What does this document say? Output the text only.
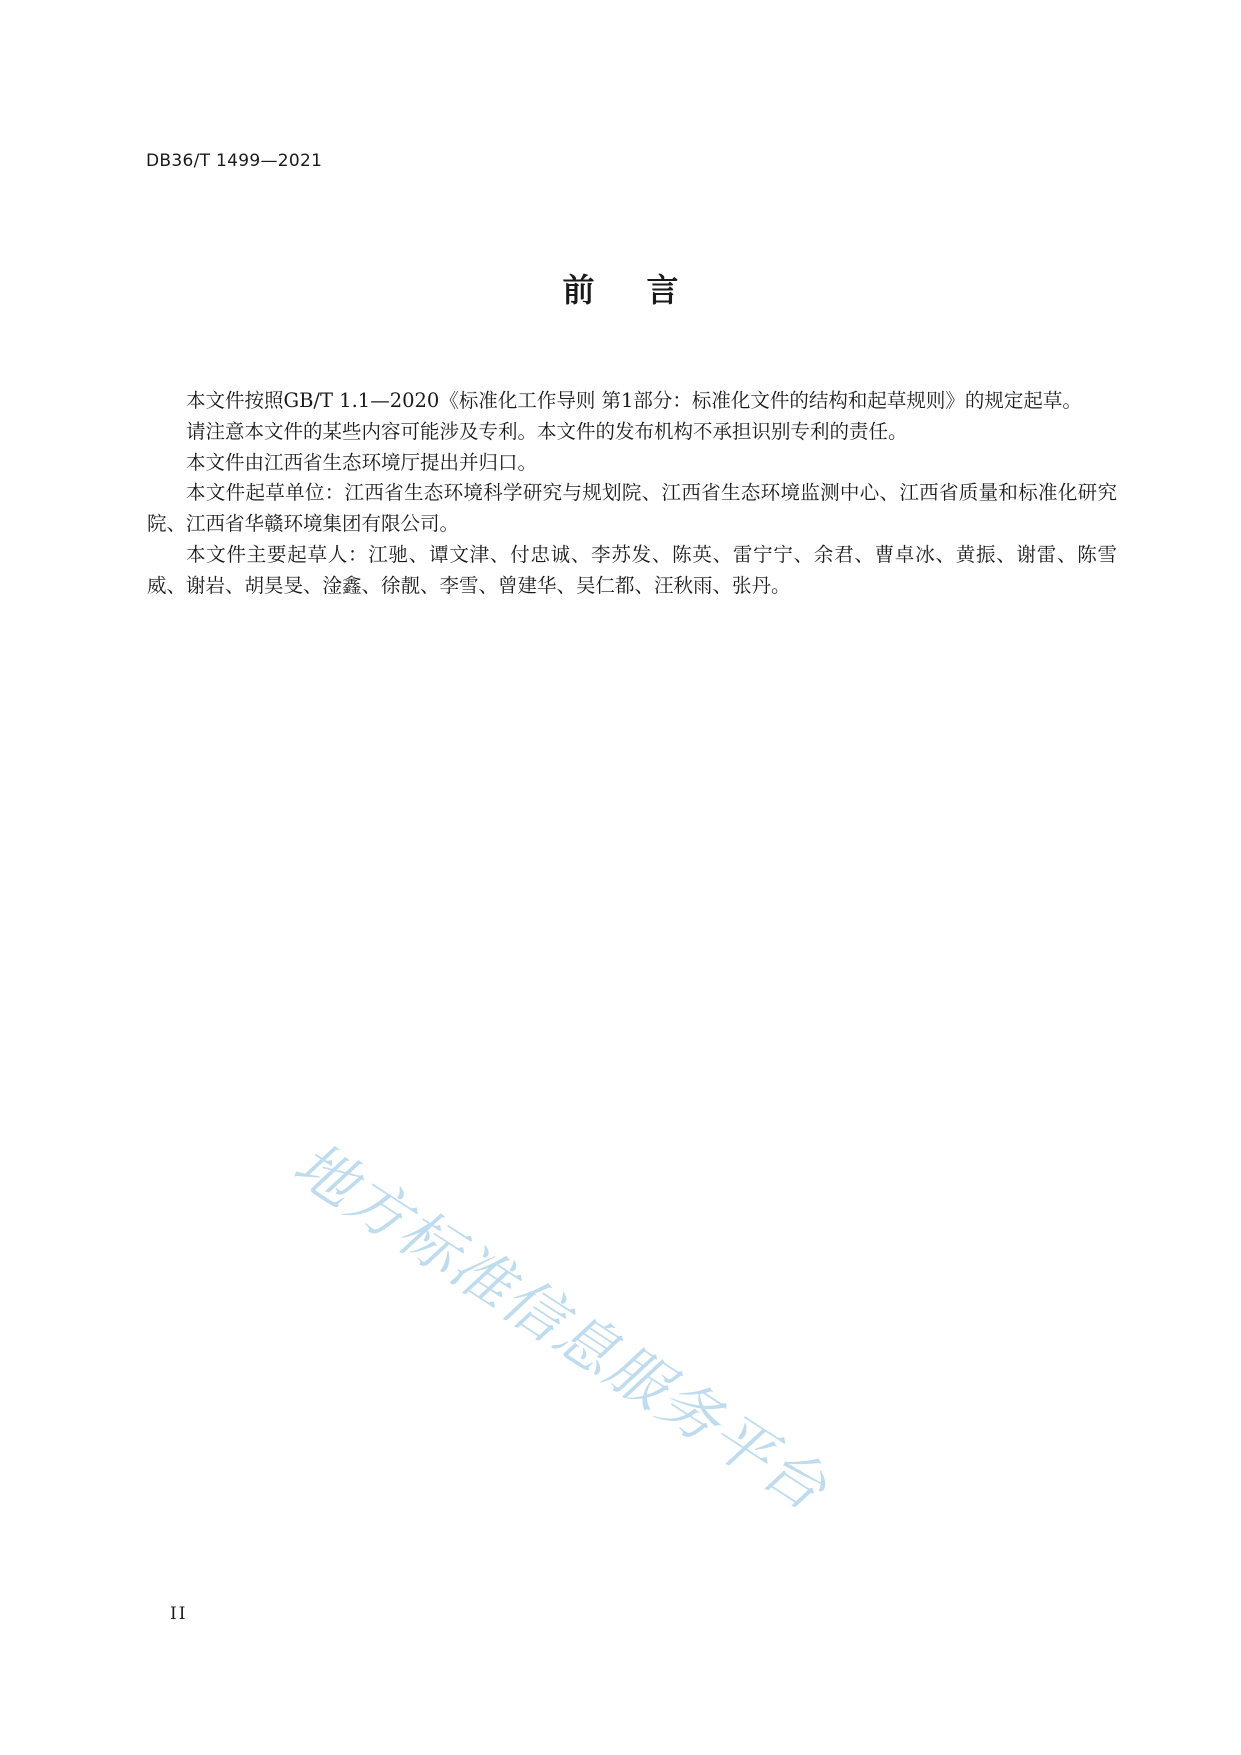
DB36/T 1499—2021
前言

本文件按照GB/T 1.1—2020《标准化工作导则 第1部分：标准化文件的结构和起草规则》的规定起草。

请注意本文件的某些内容可能涉及专利。本文件的发布机构不承担识别专利的责任。

本文件由江西省生态环境厅提出并归口。

本文件起草单位：江西省生态环境科学研究与规划院、江西省生态环境监测中心、江西省质量和标准化研究院、江西省华赣环境集团有限公司。

本文件主要起草人：江驰、谭文津、付忠诚、李苏发、陈英、雷宁宁、余君、曹卓冰、黄振、谢雷、陈雪威、谢岩、胡昊旻、淦鑫、徐靓、李雪、曾建华、吴仁都、汪秋雨、张丹。

地方标准信息服务平台
II
